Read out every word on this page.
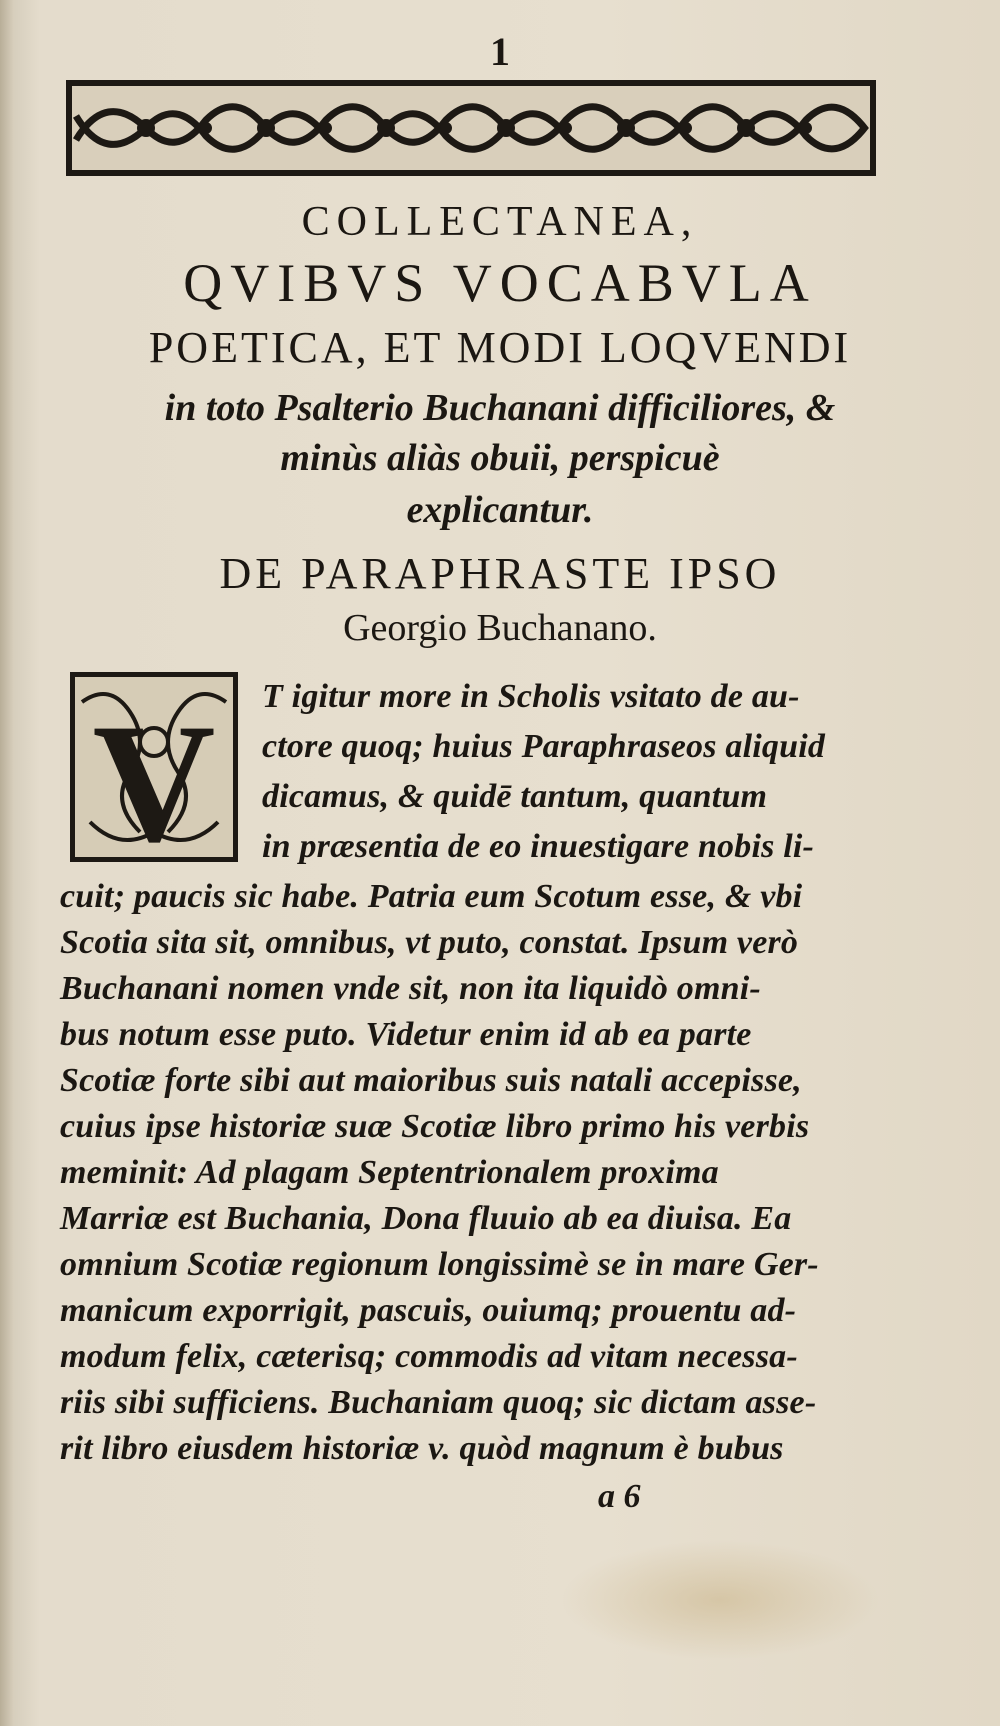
1
COLLECTANEA,
QVIBVS VOCABVLA
POETICA, ET MODI LOQVENDI
in toto Psalterio Buchanani difficiliores, &
minùs aliàs obuii, perspicuè
explicantur.
DE PARAPHRASTE IPSO
Georgio Buchanano.
V T igitur more in Scholis vsitato de au-
ctore quoq; huius Paraphraseos aliquid
dicamus, & quidē tantum, quantum
in præsentia de eo inuestigare nobis li-
cuit; paucis sic habe. Patria eum Scotum esse, & vbi
Scotia sita sit, omnibus, vt puto, constat. Ipsum verò
Buchanani nomen vnde sit, non ita liquidò omni-
bus notum esse puto. Videtur enim id ab ea parte
Scotiæ forte sibi aut maioribus suis natali accepisse,
cuius ipse historiæ suæ Scotiæ libro primo his verbis
meminit: Ad plagam Septentrionalem proxima
Marriæ est Buchania, Dona fluuio ab ea diuisa. Ea
omnium Scotiæ regionum longissimè se in mare Ger-
manicum exporrigit, pascuis, ouiumq; prouentu ad-
modum felix, cæterisq; commodis ad vitam necessa-
riis sibi sufficiens. Buchaniam quoq; sic dictam asse-
rit libro eiusdem historiæ v. quòd magnum è bubus
a 6
